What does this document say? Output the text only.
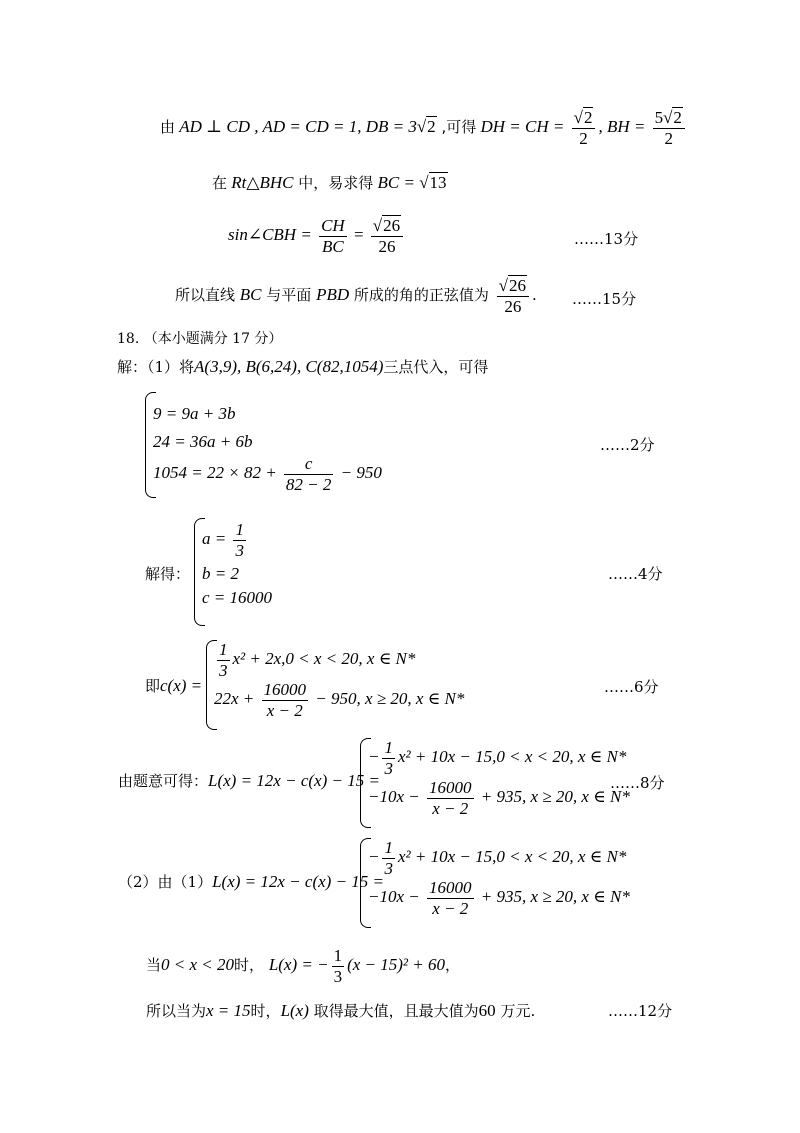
由 AD ⊥ CD , AD = CD = 1, DB = 3√2 ,可得 DH = CH = $\frac{√2}{2}$ , BH = $\frac{5√2}{2}$
在 Rt△BHC 中，易求得 BC = √13
sin∠CBH = $\frac{CH}{BC} = \frac{√26}{26}$	……13分
所以直线 BC 与平面 PBD 所成的角的正弦值为 $\frac{√26}{26}$ . ……15分
18. （本小题满分 17 分）
解：（1）将A(3,9), B(6,24), C(82,1054)三点代入，可得
9 = 9a + 3b
24 = 36a + 6b
$1054 = 22 \times 82 + \frac{c}{82 - 2} - 950$
……2分
解得：
$a = \frac{1}{3}$
b = 2
c = 16000
……4分
即c(x) =
$\frac{1}{3} x^2 + 2x,0 < x < 20$, x ∈ N*
$22x + \frac{16000}{x - 2} - 950$, x ≥ 20, x ∈ N*
……6分
由题意可得：L(x) = 12x − c(x) − 15 =
− $\frac{1}{3} x^2 + 10x - 15,0 < x < 20$, x ∈ N*
$-10x - \frac{16000}{x - 2} + 935$, x ≥ 20, x ∈ N*
……8分
（2）由（1）L(x) = 12x − c(x) − 15 =
− $\frac{1}{3} x^2 + 10x - 15,0 < x < 20$, x ∈ N*
$-10x - \frac{16000}{x - 2} + 935$, x ≥ 20, x ∈ N*
当0 < x < 20时， L(x) = − $\frac{1}{3} (x - 15)^2 + 60$，
所以当为x = 15时，L(x) 取得最大值，且最大值为60 万元.	……12分
